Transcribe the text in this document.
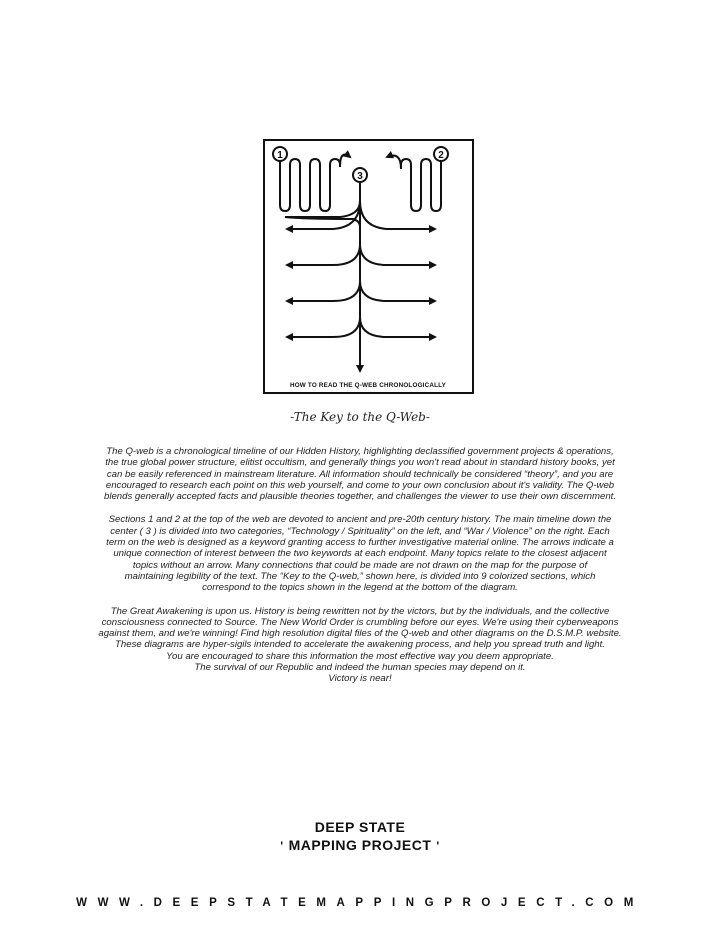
1	2
3
HOW TO READ THE Q-WEB CHRONOLOGICALLY
-The Key to the Q-Web-

The Q-web is a chronological timeline of our Hidden History, highlighting declassified government projects & operations,
the true global power structure, elitist occultism, and generally things you won't read about in standard history books, yet
can be easily referenced in mainstream literature. All information should technically be considered “theory”, and you are
encouraged to research each point on this web yourself, and come to your own conclusion about it's validity. The Q-web
blends generally accepted facts and plausible theories together, and challenges the viewer to use their own discernment.

Sections 1 and 2 at the top of the web are devoted to ancient and pre-20th century history. The main timeline down the
center ( 3 ) is divided into two categories, “Technology / Spirituality” on the left, and “War / Violence” on the right. Each
term on the web is designed as a keyword granting access to further investigative material online. The arrows indicate a
unique connection of interest between the two keywords at each endpoint. Many topics relate to the closest adjacent
topics without an arrow. Many connections that could be made are not drawn on the map for the purpose of
maintaining legibility of the text. The “Key to the Q-web,” shown here, is divided into 9 colorized sections, which
correspond to the topics shown in the legend at the bottom of the diagram.

The Great Awakening is upon us. History is being rewritten not by the victors, but by the individuals, and the collective
consciousness connected to Source. The New World Order is crumbling before our eyes. We're using their cyberweapons
against them, and we're winning! Find high resolution digital files of the Q-web and other diagrams on the D.S.M.P. website.
These diagrams are hyper-sigils intended to accelerate the awakening process, and help you spread truth and light.
You are encouraged to share this information the most effective way you deem appropriate.
The survival of our Republic and indeed the human species may depend on it.
Victory is near!

DEEP STATE
' MAPPING PROJECT '
WWW.DEEPSTATEMAPPINGPROJECT.COM
